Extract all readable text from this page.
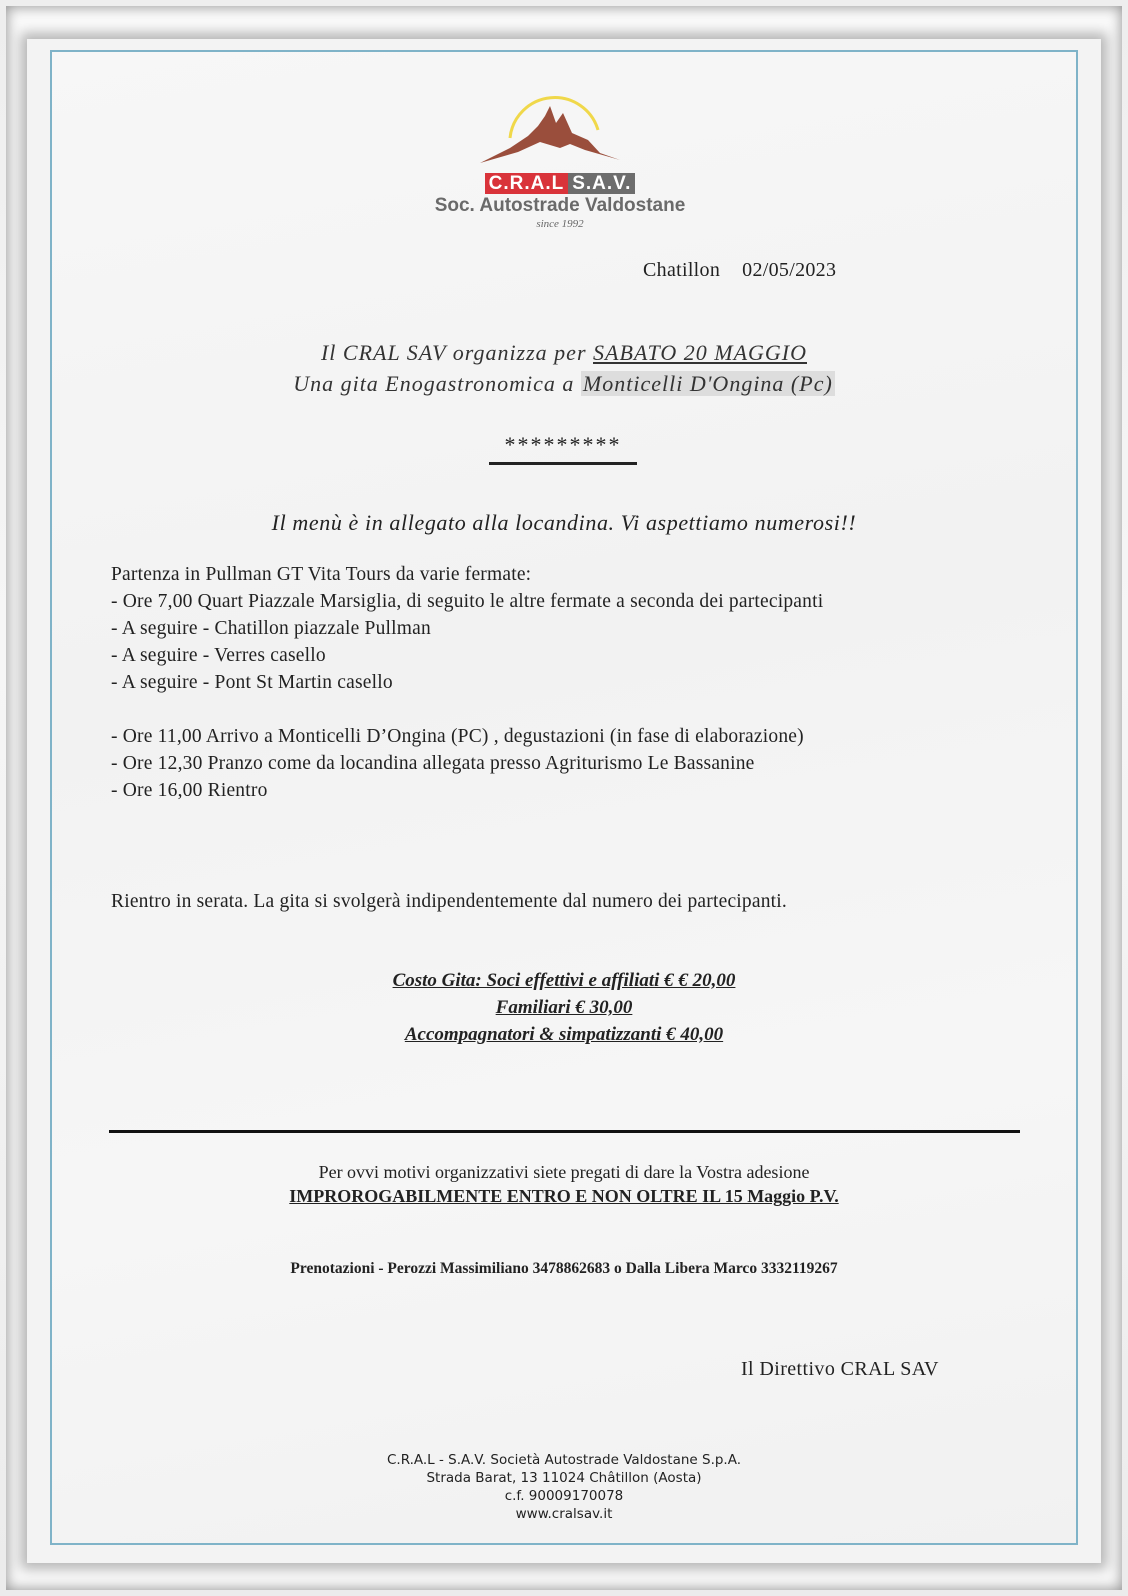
C.R.A.L S.A.V.
Soc. Autostrade Valdostane
since 1992
Chatillon 02/05/2023
Il CRAL SAV organizza per SABATO 20 MAGGIO
Una gita Enogastronomica a Monticelli D'Ongina (Pc)
*********
Il menù è in allegato alla locandina. Vi aspettiamo numerosi!!
Partenza in Pullman GT Vita Tours da varie fermate:
- Ore 7,00 Quart Piazzale Marsiglia, di seguito le altre fermate a seconda dei partecipanti
- A seguire - Chatillon piazzale Pullman
- A seguire - Verres casello
- A seguire - Pont St Martin casello
- Ore 11,00 Arrivo a Monticelli D’Ongina (PC) , degustazioni (in fase di elaborazione)
- Ore 12,30 Pranzo come da locandina allegata presso Agriturismo Le Bassanine
- Ore 16,00 Rientro
Rientro in serata. La gita si svolgerà indipendentemente dal numero dei partecipanti.
Costo Gita: Soci effettivi e affiliati € € 20,00
Familiari € 30,00
Accompagnatori & simpatizzanti € 40,00
Per ovvi motivi organizzativi siete pregati di dare la Vostra adesione
IMPROROGABILMENTE ENTRO E NON OLTRE IL 15 Maggio P.V.
Prenotazioni - Perozzi Massimiliano 3478862683 o Dalla Libera Marco 3332119267
Il Direttivo CRAL SAV
C.R.A.L - S.A.V. Società Autostrade Valdostane S.p.A.
Strada Barat, 13 11024 Châtillon (Aosta)
c.f. 90009170078
www.cralsav.it
